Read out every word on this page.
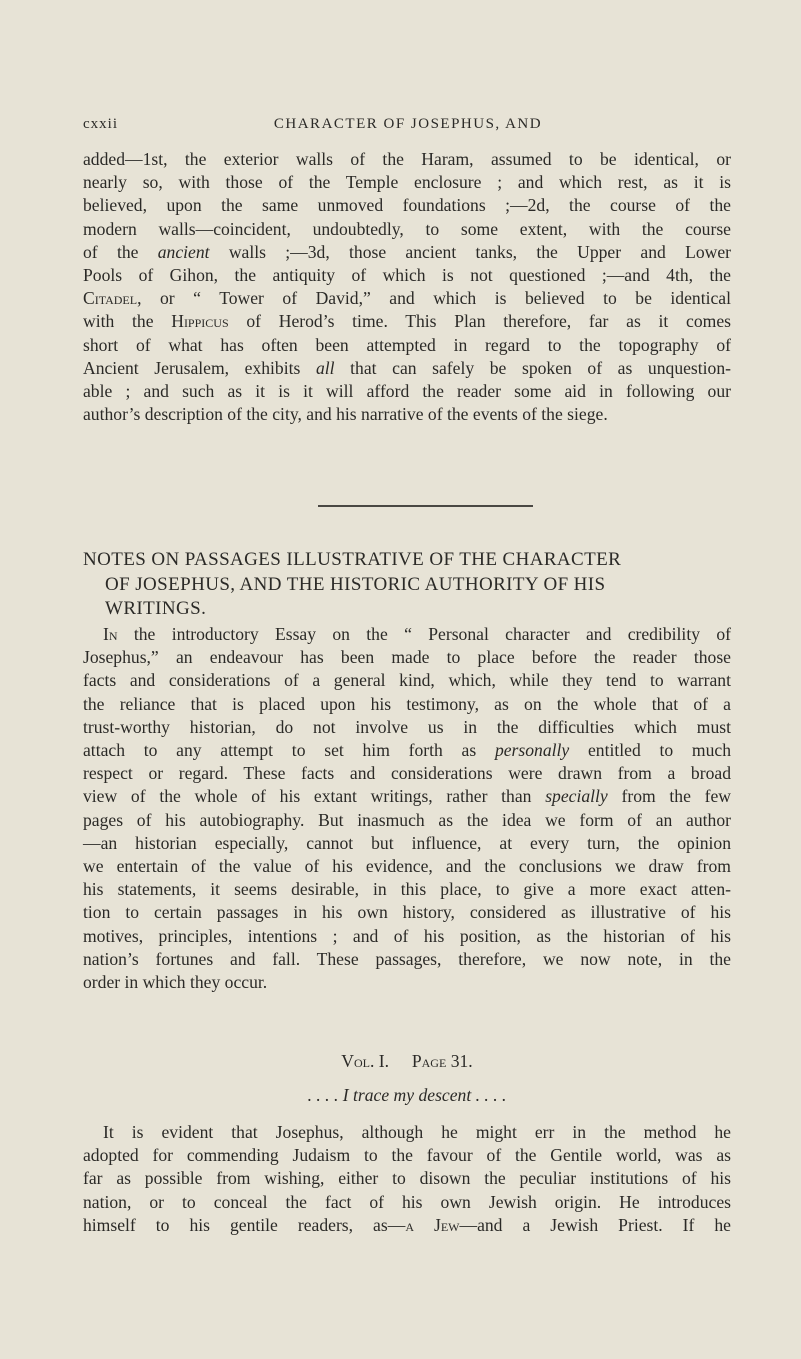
cxxii	CHARACTER OF JOSEPHUS, AND
added—1st, the exterior walls of the Haram, assumed to be identical, or
nearly so, with those of the Temple enclosure ; and which rest, as it is
believed, upon the same unmoved foundations ;—2d, the course of the
modern walls—coincident, undoubtedly, to some extent, with the course
of the ancient walls ;—3d, those ancient tanks, the Upper and Lower
Pools of Gihon, the antiquity of which is not questioned ;—and 4th, the
Citadel, or “ Tower of David,” and which is believed to be identical
with the Hippicus of Herod’s time. This Plan therefore, far as it comes
short of what has often been attempted in regard to the topography of
Ancient Jerusalem, exhibits all that can safely be spoken of as unquestion-
able ; and such as it is it will afford the reader some aid in following our
author’s description of the city, and his narrative of the events of the siege.
NOTES ON PASSAGES ILLUSTRATIVE OF THE CHARACTER
OF JOSEPHUS, AND THE HISTORIC AUTHORITY OF HIS
WRITINGS.
In the introductory Essay on the “ Personal character and credibility of
Josephus,” an endeavour has been made to place before the reader those
facts and considerations of a general kind, which, while they tend to warrant
the reliance that is placed upon his testimony, as on the whole that of a
trust-worthy historian, do not involve us in the difficulties which must
attach to any attempt to set him forth as personally entitled to much
respect or regard. These facts and considerations were drawn from a broad
view of the whole of his extant writings, rather than specially from the few
pages of his autobiography. But inasmuch as the idea we form of an author
—an historian especially, cannot but influence, at every turn, the opinion
we entertain of the value of his evidence, and the conclusions we draw from
his statements, it seems desirable, in this place, to give a more exact atten-
tion to certain passages in his own history, considered as illustrative of his
motives, principles, intentions ; and of his position, as the historian of his
nation’s fortunes and fall. These passages, therefore, we now note, in the
order in which they occur.
Vol. I. Page 31.
. . . . I trace my descent . . . .
It is evident that Josephus, although he might err in the method he
adopted for commending Judaism to the favour of the Gentile world, was as
far as possible from wishing, either to disown the peculiar institutions of his
nation, or to conceal the fact of his own Jewish origin. He introduces
himself to his gentile readers, as—a Jew—and a Jewish Priest. If he
